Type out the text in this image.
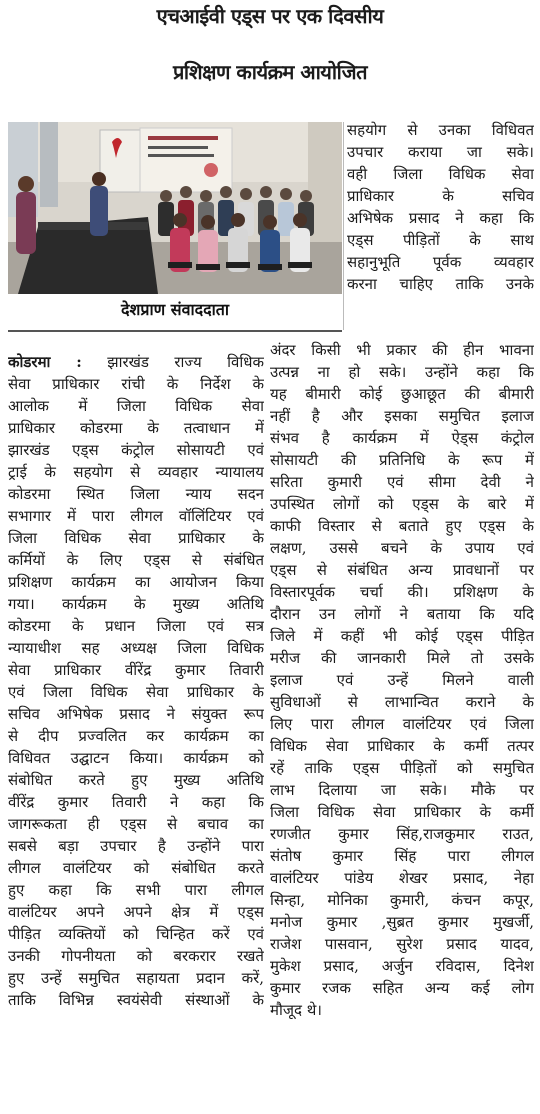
एचआईवी एड्स पर एक दिवसीय
प्रशिक्षण कार्यक्रम आयोजित
सहयोग से उनका विधिवत
उपचार कराया जा सके।
वही जिला विधिक सेवा
प्राधिकार के सचिव
अभिषेक प्रसाद ने कहा कि
एड्स पीड़ितों के साथ
सहानुभूति पूर्वक व्यवहार
करना चाहिए ताकि उनके
देशप्राण संवाददाता
कोडरमा : झारखंड राज्य विधिक
सेवा प्राधिकार रांची के निर्देश के
आलोक में जिला विधिक सेवा
प्राधिकार कोडरमा के तत्वाधान में
झारखंड एड्स कंट्रोल सोसायटी एवं
ट्राई के सहयोग से व्यवहार न्यायालय
कोडरमा स्थित जिला न्याय सदन
सभागार में पारा लीगल वॉलिंटियर एवं
जिला विधिक सेवा प्राधिकार के
कर्मियों के लिए एड्स से संबंधित
प्रशिक्षण कार्यक्रम का आयोजन किया
गया। कार्यक्रम के मुख्य अतिथि
कोडरमा के प्रधान जिला एवं सत्र
न्यायाधीश सह अध्यक्ष जिला विधिक
सेवा प्राधिकार वींरेंद्र कुमार तिवारी
एवं जिला विधिक सेवा प्राधिकार के
सचिव अभिषेक प्रसाद ने संयुक्त रूप
से दीप प्रज्वलित कर कार्यक्रम का
विधिवत उद्घाटन किया। कार्यक्रम को
संबोधित करते हुए मुख्य अतिथि
वींरेंद्र कुमार तिवारी ने कहा कि
जागरूकता ही एड्स से बचाव का
सबसे बड़ा उपचार है उन्होंने पारा
लीगल वालंटियर को संबोधित करते
हुए कहा कि सभी पारा लीगल
वालंटियर अपने अपने क्षेत्र में एड्स
पीड़ित व्यक्तियों को चिन्हित करें एवं
उनकी गोपनीयता को बरकरार रखते
हुए उन्हें समुचित सहायता प्रदान करें,
ताकि विभिन्न स्वयंसेवी संस्थाओं के
अंदर किसी भी प्रकार की हीन भावना
उत्पन्न ना हो सके। उन्होंने कहा कि
यह बीमारी कोई छुआछूत की बीमारी
नहीं है और इसका समुचित इलाज
संभव है कार्यक्रम में ऐड्स कंट्रोल
सोसायटी की प्रतिनिधि के रूप में
सरिता कुमारी एवं सीमा देवी ने
उपस्थित लोगों को एड्स के बारे में
काफी विस्तार से बताते हुए एड्स के
लक्षण, उससे बचने के उपाय एवं
एड्स से संबंधित अन्य प्रावधानों पर
विस्तारपूर्वक चर्चा की। प्रशिक्षण के
दौरान उन लोगों ने बताया कि यदि
जिले में कहीं भी कोई एड्स पीड़ित
मरीज की जानकारी मिले तो उसके
इलाज एवं उन्हें मिलने वाली
सुविधाओं से लाभान्वित कराने के
लिए पारा लीगल वालंटियर एवं जिला
विधिक सेवा प्राधिकार के कर्मी तत्पर
रहें ताकि एड्स पीड़ितों को समुचित
लाभ दिलाया जा सके। मौके पर
जिला विधिक सेवा प्राधिकार के कर्मी
रणजीत कुमार सिंह,राजकुमार राउत,
संतोष कुमार सिंह पारा लीगल
वालंटियर पांडेय शेखर प्रसाद, नेहा
सिन्हा, मोनिका कुमारी, कंचन कपूर,
मनोज कुमार ,सुब्रत कुमार मुखर्जी,
राजेश पासवान, सुरेश प्रसाद यादव,
मुकेश प्रसाद, अर्जुन रविदास, दिनेश
कुमार रजक सहित अन्य कई लोग
मौजूद थे।
